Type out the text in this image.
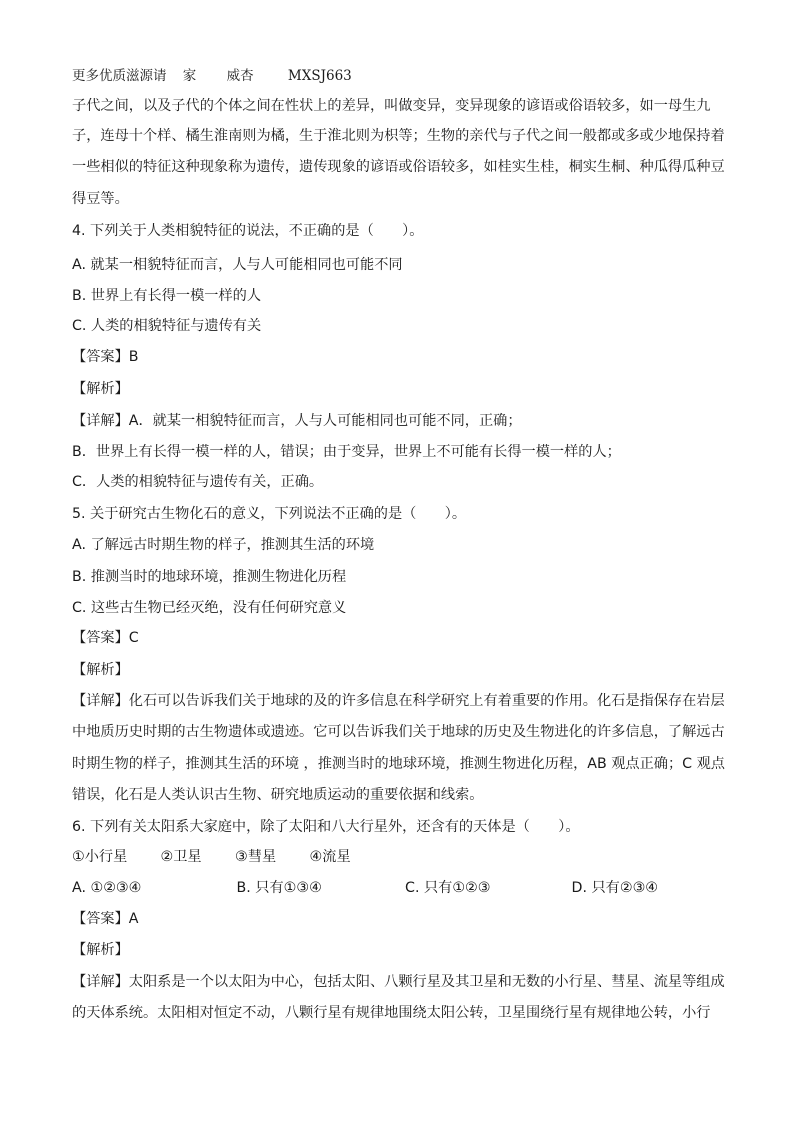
更多优质滋源请 家 威杏	MXSJ663
子代之间，以及子代的个体之间在性状上的差异，叫做变异，变异现象的谚语或俗语较多，如一母生九
子，连母十个样、橘生淮南则为橘，生于淮北则为枳等；生物的亲代与子代之间一般都或多或少地保持着
一些相似的特征这种现象称为遗传，遗传现象的谚语或俗语较多，如桂实生桂，桐实生桐、种瓜得瓜种豆
得豆等。
4. 下列关于人类相貌特征的说法，不正确的是（　　）。
A. 就某一相貌特征而言，人与人可能相同也可能不同
B. 世界上有长得一模一样的人
C. 人类的相貌特征与遗传有关
【答案】B
【解析】
【详解】A．就某一相貌特征而言，人与人可能相同也可能不同，正确；
B．世界上有长得一模一样的人，错误；由于变异，世界上不可能有长得一模一样的人；
C．人类的相貌特征与遗传有关，正确。
5. 关于研究古生物化石的意义，下列说法不正确的是（　　）。
A. 了解远古时期生物的样子，推测其生活的环境
B. 推测当时的地球环境，推测生物进化历程
C. 这些古生物已经灭绝，没有任何研究意义
【答案】C
【解析】
【详解】化石可以告诉我们关于地球的及的许多信息在科学研究上有着重要的作用。化石是指保存在岩层
中地质历史时期的古生物遗体或遗迹。它可以告诉我们关于地球的历史及生物进化的许多信息，了解远古
时期生物的样子，推测其生活的环境 ，推测当时的地球环境，推测生物进化历程，AB 观点正确；C 观点
错误，化石是人类认识古生物、研究地质运动的重要依据和线索。
6. 下列有关太阳系大家庭中，除了太阳和八大行星外，还含有的天体是（　　）。
①小行星 ②卫星 ③彗星 ④流星
A. ①②③④	B. 只有①③④	C. 只有①②③	D. 只有②③④
【答案】A
【解析】
【详解】太阳系是一个以太阳为中心，包括太阳、八颗行星及其卫星和无数的小行星、彗星、流星等组成
的天体系统。太阳相对恒定不动，八颗行星有规律地围绕太阳公转，卫星围绕行星有规律地公转，小行
